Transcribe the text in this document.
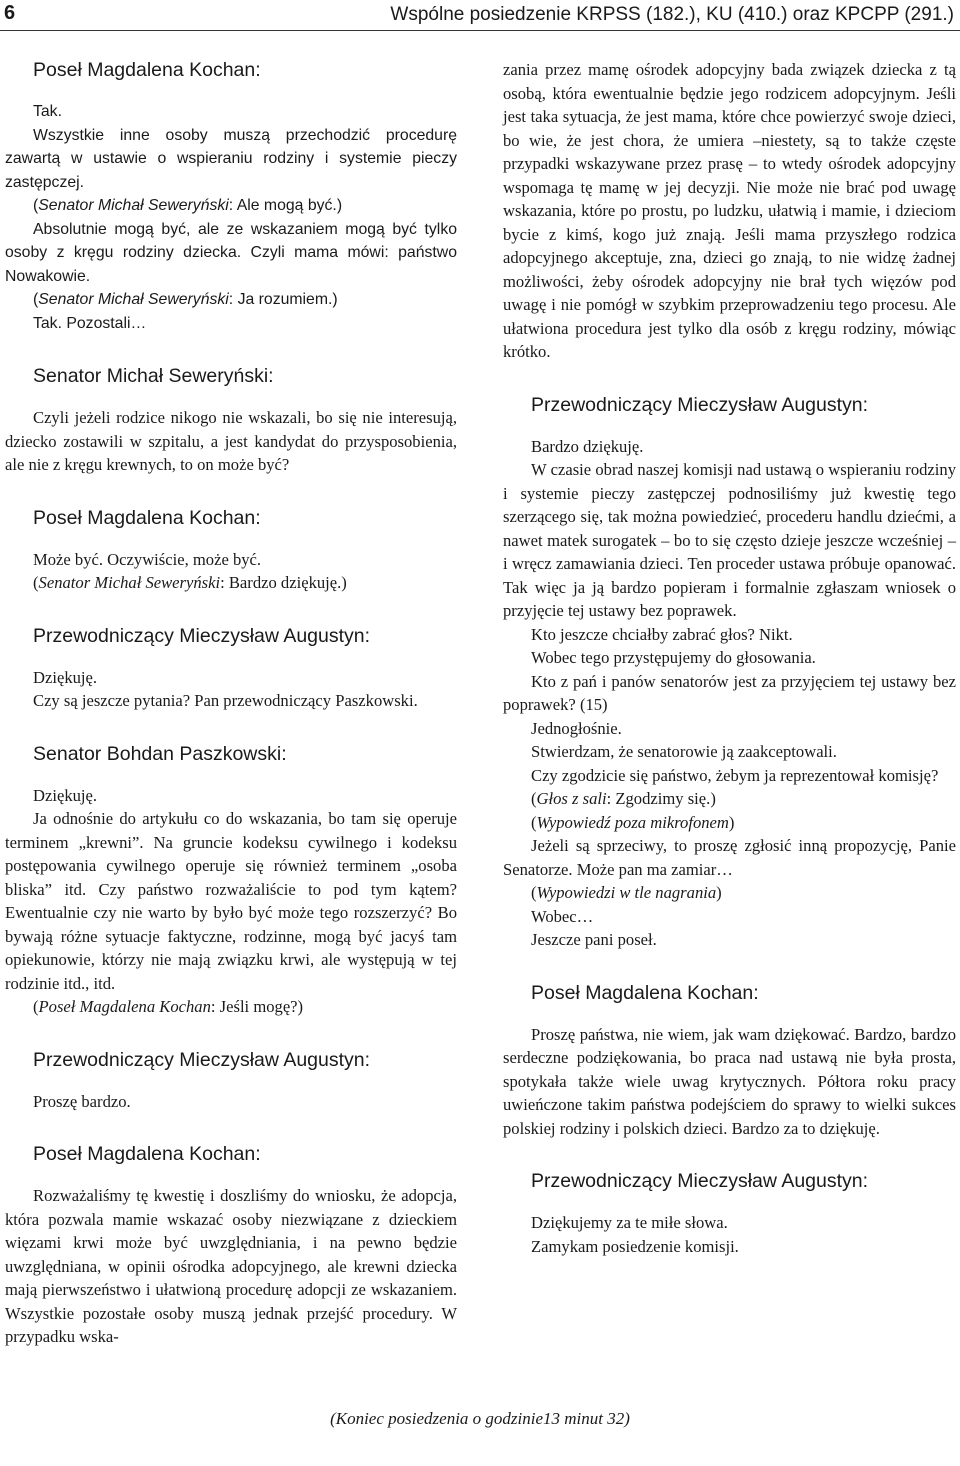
6	Wspólne posiedzenie KRPSS (182.), KU (410.) oraz KPCPP (291.)
Poseł Magdalena Kochan:

Tak.

Wszystkie inne osoby muszą przechodzić procedurę zawartą w ustawie o wspieraniu rodziny i systemie pieczy zastępczej.

(Senator Michał Seweryński: Ale mogą być.)

Absolutnie mogą być, ale ze wskazaniem mogą być tylko osoby z kręgu rodziny dziecka. Czyli mama mówi: państwo Nowakowie.

(Senator Michał Seweryński: Ja rozumiem.)

Tak. Pozostali…

Senator Michał Seweryński:

Czyli jeżeli rodzice nikogo nie wskazali, bo się nie interesują, dziecko zostawili w szpitalu, a jest kandydat do przysposobienia, ale nie z kręgu krewnych, to on może być?

Poseł Magdalena Kochan:

Może być. Oczywiście, może być.

(Senator Michał Seweryński: Bardzo dziękuję.)

Przewodniczący Mieczysław Augustyn:

Dziękuję.

Czy są jeszcze pytania? Pan przewodniczący Paszkowski.

Senator Bohdan Paszkowski:

Dziękuję.

Ja odnośnie do artykułu co do wskazania, bo tam się operuje terminem „krewni”. Na gruncie kodeksu cywilnego i kodeksu postępowania cywilnego operuje się również terminem „osoba bliska” itd. Czy państwo rozważaliście to pod tym kątem? Ewentualnie czy nie warto by było być może tego rozszerzyć? Bo bywają różne sytuacje faktyczne, rodzinne, mogą być jacyś tam opiekunowie, którzy nie mają związku krwi, ale występują w tej rodzinie itd., itd.

(Poseł Magdalena Kochan: Jeśli mogę?)

Przewodniczący Mieczysław Augustyn:

Proszę bardzo.

Poseł Magdalena Kochan:

Rozważaliśmy tę kwestię i doszliśmy do wniosku, że adopcja, która pozwala mamie wskazać osoby niezwiązane z dzieckiem więzami krwi może być uwzględniania, i na pewno będzie uwzględniana, w opinii ośrodka adopcyjnego, ale krewni dziecka mają pierwszeństwo i ułatwioną procedurę adopcji ze wskazaniem. Wszystkie pozostałe osoby muszą jednak przejść procedury. W przypadku wska-

zania przez mamę ośrodek adopcyjny bada związek dziecka z tą osobą, która ewentualnie będzie jego rodzicem adopcyjnym. Jeśli jest taka sytuacja, że jest mama, które chce powierzyć swoje dzieci, bo wie, że jest chora, że umiera –niestety, są to także częste przypadki wskazywane przez prasę – to wtedy ośrodek adopcyjny wspomaga tę mamę w jej decyzji. Nie może nie brać pod uwagę wskazania, które po prostu, po ludzku, ułatwią i mamie, i dzieciom bycie z kimś, kogo już znają. Jeśli mama przyszłego rodzica adopcyjnego akceptuje, zna, dzieci go znają, to nie widzę żadnej możliwości, żeby ośrodek adopcyjny nie brał tych więzów pod uwagę i nie pomógł w szybkim przeprowadzeniu tego procesu. Ale ułatwiona procedura jest tylko dla osób z kręgu rodziny, mówiąc krótko.

Przewodniczący Mieczysław Augustyn:

Bardzo dziękuję.

W czasie obrad naszej komisji nad ustawą o wspieraniu rodziny i systemie pieczy zastępczej podnosiliśmy już kwestię tego szerzącego się, tak można powiedzieć, procederu handlu dziećmi, a nawet matek surogatek – bo to się często dzieje jeszcze wcześniej – i wręcz zamawiania dzieci. Ten proceder ustawa próbuje opanować. Tak więc ja ją bardzo popieram i formalnie zgłaszam wniosek o przyjęcie tej ustawy bez poprawek.

Kto jeszcze chciałby zabrać głos? Nikt.

Wobec tego przystępujemy do głosowania.

Kto z pań i panów senatorów jest za przyjęciem tej ustawy bez poprawek? (15)

Jednogłośnie.

Stwierdzam, że senatorowie ją zaakceptowali.

Czy zgodzicie się państwo, żebym ja reprezentował komisję?

(Głos z sali: Zgodzimy się.)

(Wypowiedź poza mikrofonem)

Jeżeli są sprzeciwy, to proszę zgłosić inną propozycję, Panie Senatorze. Może pan ma zamiar…

(Wypowiedzi w tle nagrania)

Wobec…

Jeszcze pani poseł.

Poseł Magdalena Kochan:

Proszę państwa, nie wiem, jak wam dziękować. Bardzo, bardzo serdeczne podziękowania, bo praca nad ustawą nie była prosta, spotykała także wiele uwag krytycznych. Półtora roku pracy uwieńczone takim państwa podejściem do sprawy to wielki sukces polskiej rodziny i polskich dzieci. Bardzo za to dziękuję.

Przewodniczący Mieczysław Augustyn:

Dziękujemy za te miłe słowa.

Zamykam posiedzenie komisji.

(Koniec posiedzenia o godzinie13 minut 32)
